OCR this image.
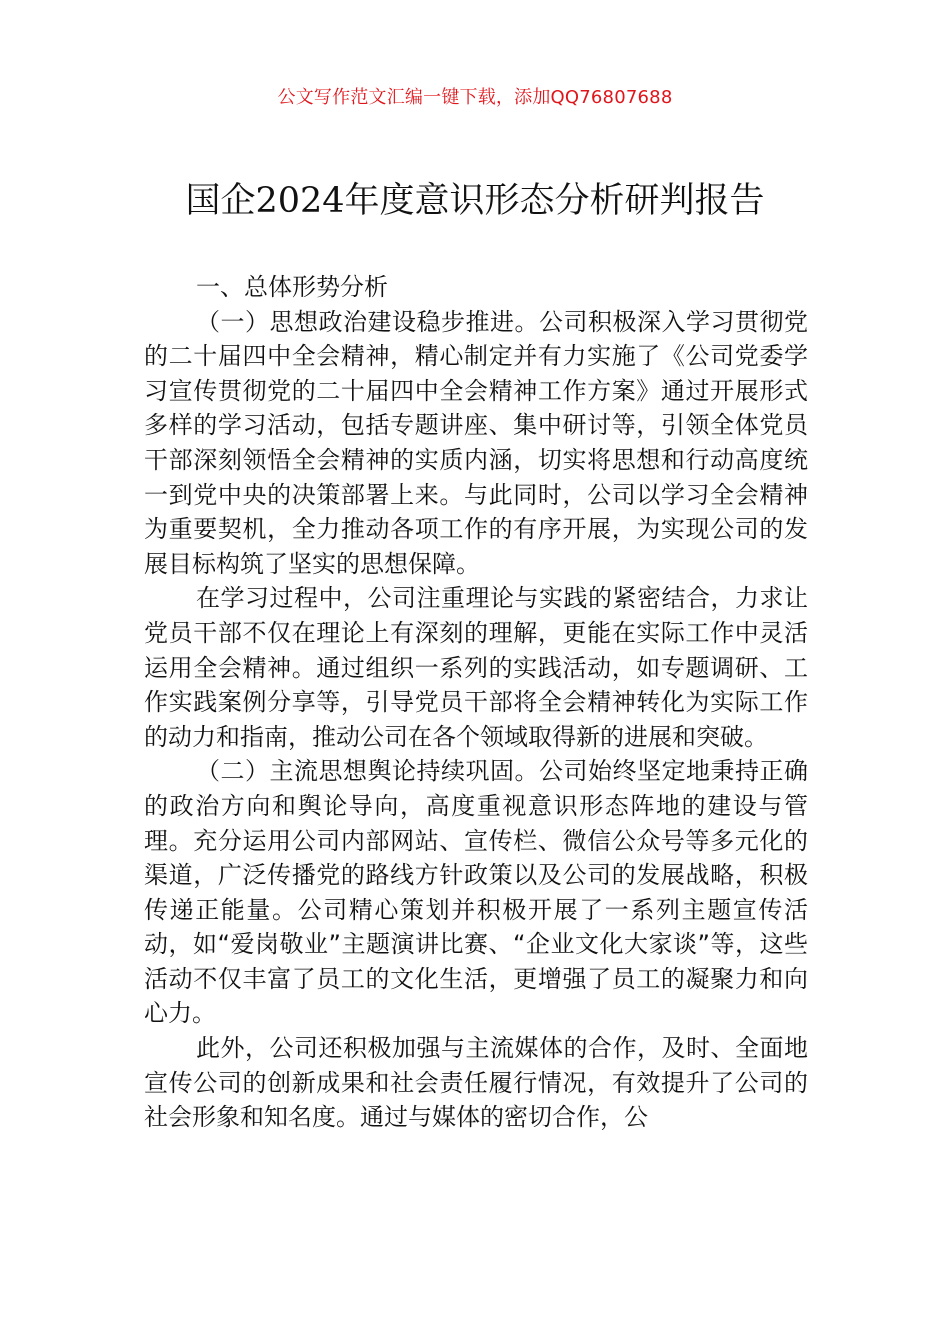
公文写作范文汇编一键下载，添加QQ76807688
国企2024年度意识形态分析研判报告

一、总体形势分析

（一）思想政治建设稳步推进。公司积极深入学习贯彻党的二十届四中全会精神，精心制定并有力实施了《公司党委学习宣传贯彻党的二十届四中全会精神工作方案》通过开展形式多样的学习活动，包括专题讲座、集中研讨等，引领全体党员干部深刻领悟全会精神的实质内涵，切实将思想和行动高度统一到党中央的决策部署上来。与此同时，公司以学习全会精神为重要契机，全力推动各项工作的有序开展，为实现公司的发展目标构筑了坚实的思想保障。

在学习过程中，公司注重理论与实践的紧密结合，力求让党员干部不仅在理论上有深刻的理解，更能在实际工作中灵活运用全会精神。通过组织一系列的实践活动，如专题调研、工作实践案例分享等，引导党员干部将全会精神转化为实际工作的动力和指南，推动公司在各个领域取得新的进展和突破。

（二）主流思想舆论持续巩固。公司始终坚定地秉持正确的政治方向和舆论导向，高度重视意识形态阵地的建设与管理。充分运用公司内部网站、宣传栏、微信公众号等多元化的渠道，广泛传播党的路线方针政策以及公司的发展战略，积极传递正能量。公司精心策划并积极开展了一系列主题宣传活动，如“爱岗敬业”主题演讲比赛、“企业文化大家谈”等，这些活动不仅丰富了员工的文化生活，更增强了员工的凝聚力和向心力。

此外，公司还积极加强与主流媒体的合作，及时、全面地宣传公司的创新成果和社会责任履行情况，有效提升了公司的社会形象和知名度。通过与媒体的密切合作，公
